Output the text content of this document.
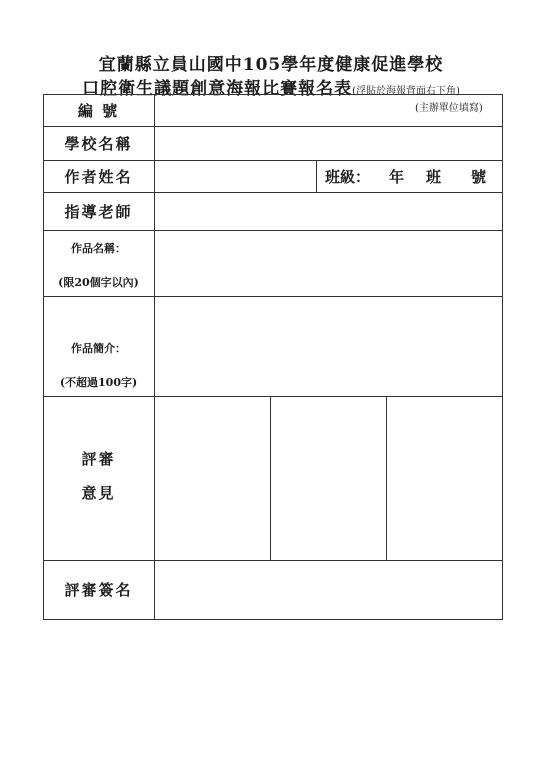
宜蘭縣立員山國中105學年度健康促進學校
口腔衛生議題創意海報比賽報名表(浮貼於海報背面右下角)
編 號	(主辦單位填寫)
學校名稱
作者姓名	班級： 年 班 號
指導老師
作品名稱：
(限20個字以內)
作品簡介：
(不超過100字)
評審
意見
評審簽名
